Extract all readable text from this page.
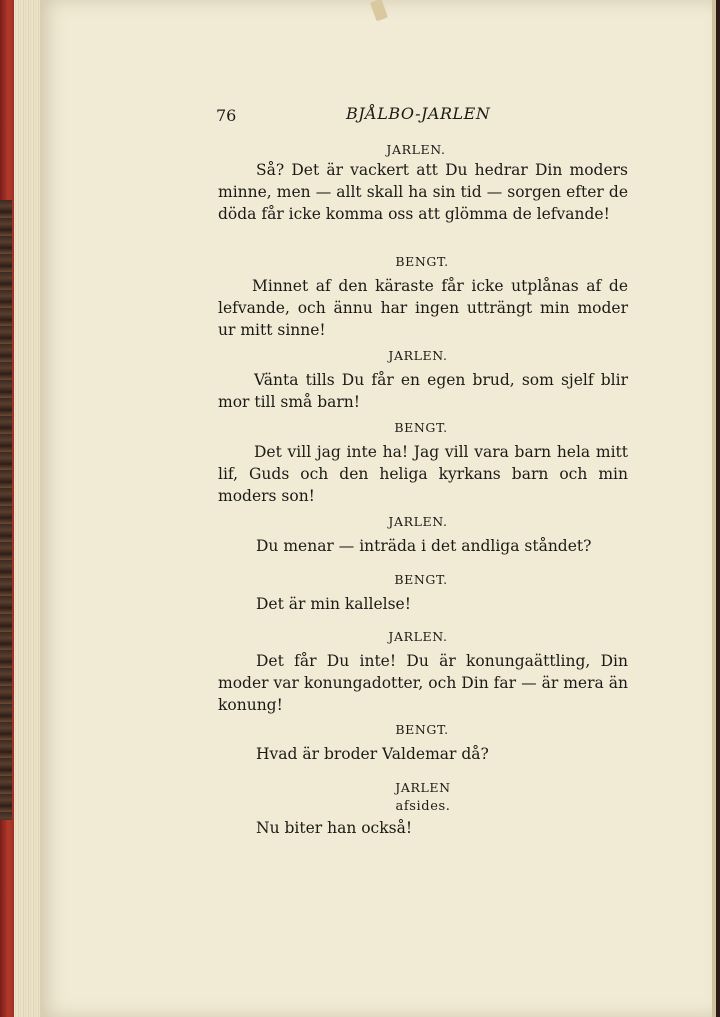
76	BJÅLBO-JARLEN
JARLEN.
Så? Det är vackert att Du hedrar Din moders minne, men — allt skall ha sin tid — sorgen efter de döda får icke komma oss att glömma de lefvande!
BENGT.
Minnet af den käraste får icke utplånas af de lefvande, och ännu har ingen utträngt min moder ur mitt sinne!
JARLEN.
Vänta tills Du får en egen brud, som sjelf blir mor till små barn!
BENGT.
Det vill jag inte ha! Jag vill vara barn hela mitt lif, Guds och den heliga kyrkans barn och min moders son!
JARLEN.
Du menar — inträda i det andliga ståndet?
BENGT.
Det är min kallelse!
JARLEN.
Det får Du inte! Du är konungaättling, Din moder var konungadotter, och Din far — är mera än konung!
BENGT.
Hvad är broder Valdemar då?
JARLEN
afsides.
Nu biter han också!
